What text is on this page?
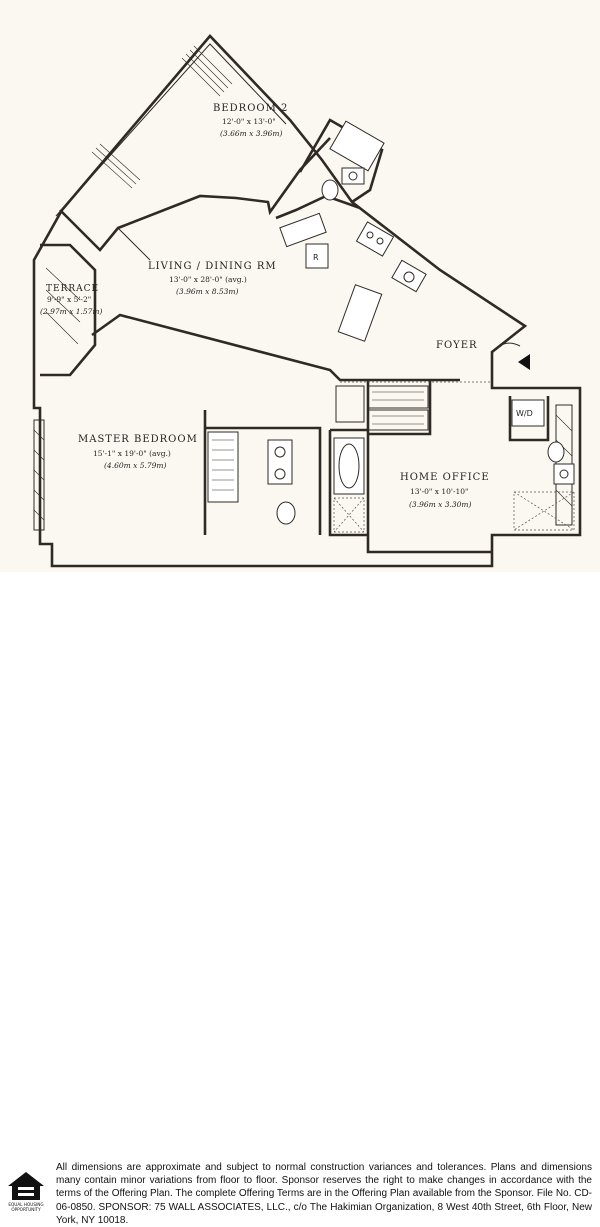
R
W/D
BEDROOM 2
12'-0" x 13'-0"
(3.66m x 3.96m)
LIVING / DINING RM
13'-0" x 28'-0" (avg.)
(3.96m x 8.53m)
TERRACE
9'-9" x 5'-2"
(2.97m x 1.57m)
FOYER
MASTER BEDROOM
15'-1" x 19'-0" (avg.)
(4.60m x 5.79m)
HOME OFFICE
13'-0" x 10'-10"
(3.96m x 3.30m)
EQUAL HOUSING
OPPORTUNITY

All dimensions are approximate and subject to normal construction variances and tolerances. Plans and dimensions many contain minor variations from floor to floor. Sponsor reserves the right to make changes in accordance with the terms of the Offering Plan. The complete Offering Terms are in the Offering Plan available from the Sponsor. File No. CD-06-0850. SPONSOR: 75 WALL ASSOCIATES, LLC., c/o The Hakimian Organization, 8 West 40th Street, 6th Floor, New York, NY 10018.
